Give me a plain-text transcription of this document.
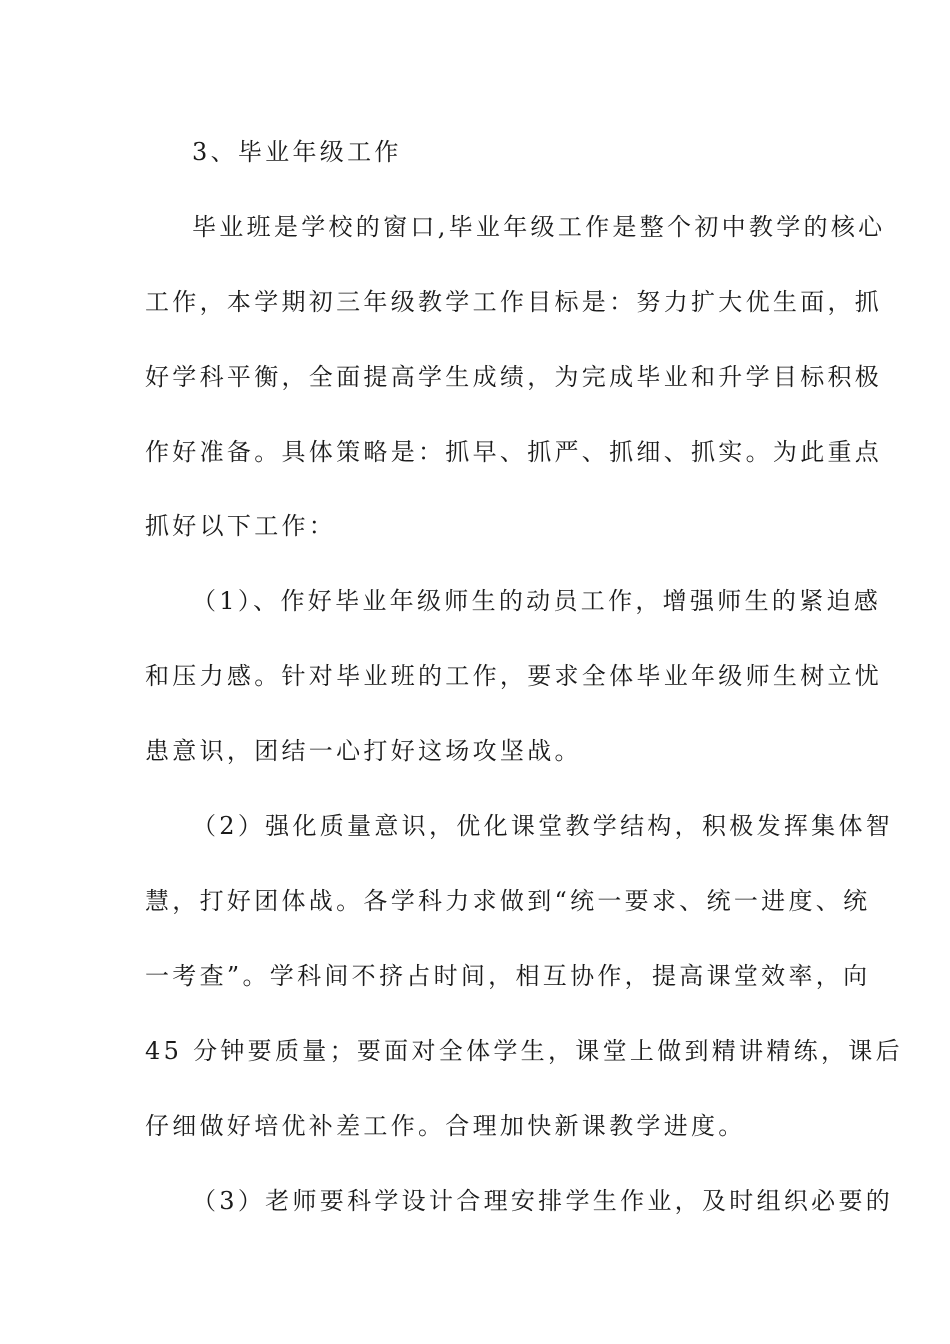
3、毕业年级工作
毕业班是学校的窗口,毕业年级工作是整个初中教学的核心
工作，本学期初三年级教学工作目标是：努力扩大优生面，抓
好学科平衡，全面提高学生成绩，为完成毕业和升学目标积极
作好准备。具体策略是：抓早、抓严、抓细、抓实。为此重点
抓好以下工作：
（1）、作好毕业年级师生的动员工作，增强师生的紧迫感
和压力感。针对毕业班的工作，要求全体毕业年级师生树立忧
患意识，团结一心打好这场攻坚战。
（2）强化质量意识，优化课堂教学结构，积极发挥集体智
慧，打好团体战。各学科力求做到“统一要求、统一进度、统
一考查”。学科间不挤占时间，相互协作，提高课堂效率，向
45 分钟要质量；要面对全体学生，课堂上做到精讲精练，课后
仔细做好培优补差工作。合理加快新课教学进度。
（3）老师要科学设计合理安排学生作业，及时组织必要的
